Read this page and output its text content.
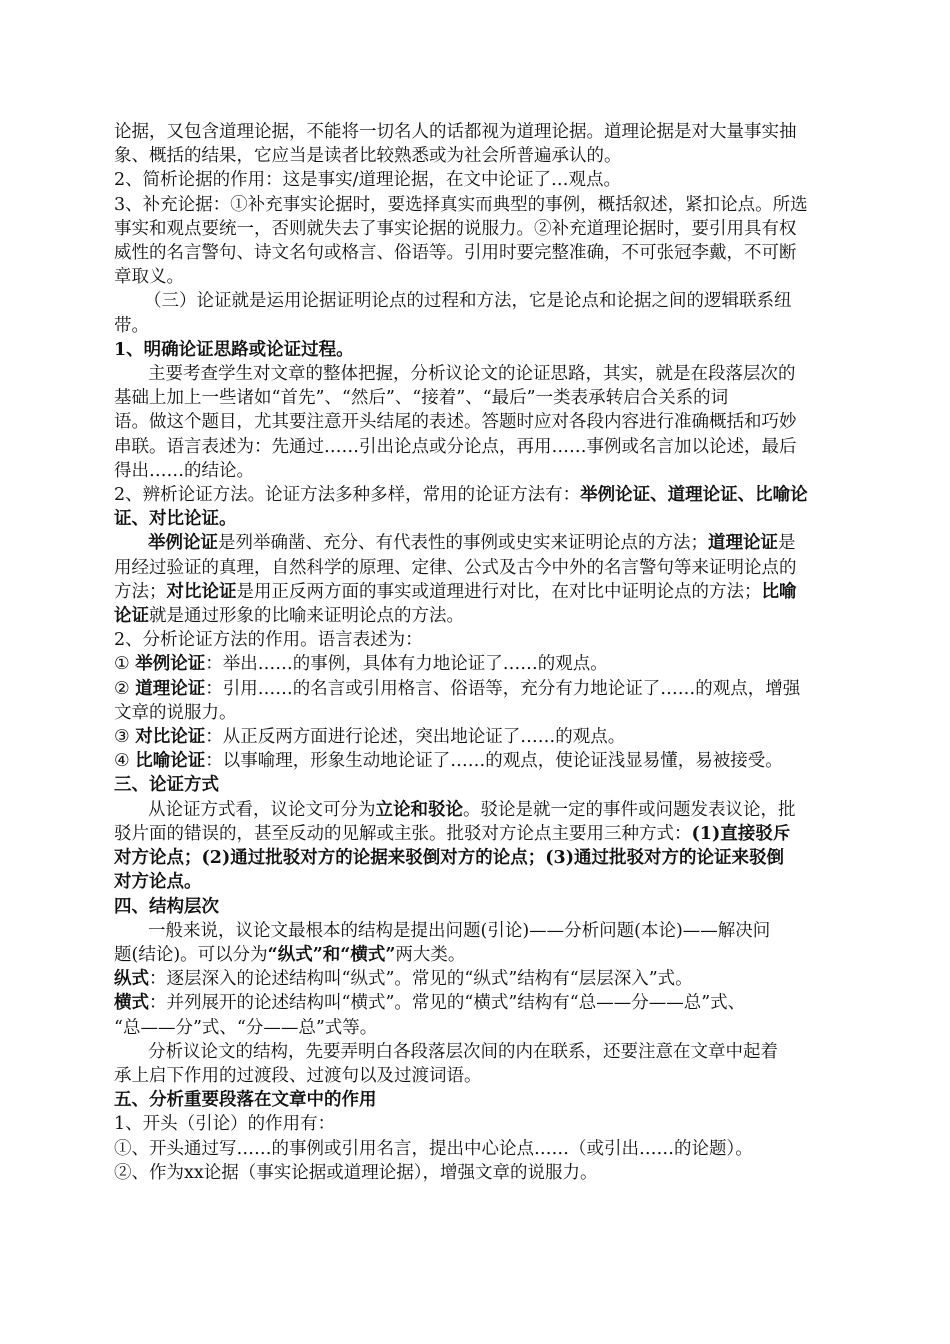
论据，又包含道理论据，不能将一切名人的话都视为道理论据。道理论据是对大量事实抽
象、概括的结果，它应当是读者比较熟悉或为社会所普遍承认的。
2、简析论据的作用：这是事实/道理论据，在文中论证了…观点。
3、补充论据：①补充事实论据时，要选择真实而典型的事例，概括叙述，紧扣论点。所选
事实和观点要统一，否则就失去了事实论据的说服力。②补充道理论据时，要引用具有权
威性的名言警句、诗文名句或格言、俗语等。引用时要完整准确，不可张冠李戴，不可断
章取义。
（三）论证就是运用论据证明论点的过程和方法，它是论点和论据之间的逻辑联系纽
带。
1、明确论证思路或论证过程。
主要考查学生对文章的整体把握，分析议论文的论证思路，其实，就是在段落层次的
基础上加上一些诸如“首先”、“然后”、“接着”、“最后”一类表承转启合关系的词
语。做这个题目，尤其要注意开头结尾的表述。答题时应对各段内容进行准确概括和巧妙
串联。语言表述为：先通过……引出论点或分论点，再用……事例或名言加以论述，最后
得出……的结论。
2、辨析论证方法。论证方法多种多样，常用的论证方法有：举例论证、道理论证、比喻论
证、对比论证。
举例论证是列举确凿、充分、有代表性的事例或史实来证明论点的方法；道理论证是
用经过验证的真理，自然科学的原理、定律、公式及古今中外的名言警句等来证明论点的
方法；对比论证是用正反两方面的事实或道理进行对比，在对比中证明论点的方法；比喻
论证就是通过形象的比喻来证明论点的方法。
2、分析论证方法的作用。语言表述为：
① 举例论证：举出……的事例，具体有力地论证了……的观点。
② 道理论证：引用……的名言或引用格言、俗语等，充分有力地论证了……的观点，增强
文章的说服力。
③ 对比论证：从正反两方面进行论述，突出地论证了……的观点。
④ 比喻论证：以事喻理，形象生动地论证了……的观点，使论证浅显易懂，易被接受。
三、论证方式
从论证方式看，议论文可分为立论和驳论。驳论是就一定的事件或问题发表议论，批
驳片面的错误的，甚至反动的见解或主张。批驳对方论点主要用三种方式：(1)直接驳斥
对方论点；(2)通过批驳对方的论据来驳倒对方的论点；(3)通过批驳对方的论证来驳倒
对方论点。
四、结构层次
一般来说，议论文最根本的结构是提出问题(引论)——分析问题(本论)——解决问
题(结论)。可以分为“纵式”和“横式”两大类。
纵式：逐层深入的论述结构叫“纵式”。常见的“纵式”结构有“层层深入”式。
横式：并列展开的论述结构叫“横式”。常见的“横式”结构有“总——分——总”式、
“总——分”式、“分——总”式等。
分析议论文的结构，先要弄明白各段落层次间的内在联系，还要注意在文章中起着
承上启下作用的过渡段、过渡句以及过渡词语。
五、分析重要段落在文章中的作用
1、开头（引论）的作用有：
①、开头通过写……的事例或引用名言，提出中心论点……（或引出……的论题）。
②、作为xx论据（事实论据或道理论据），增强文章的说服力。
